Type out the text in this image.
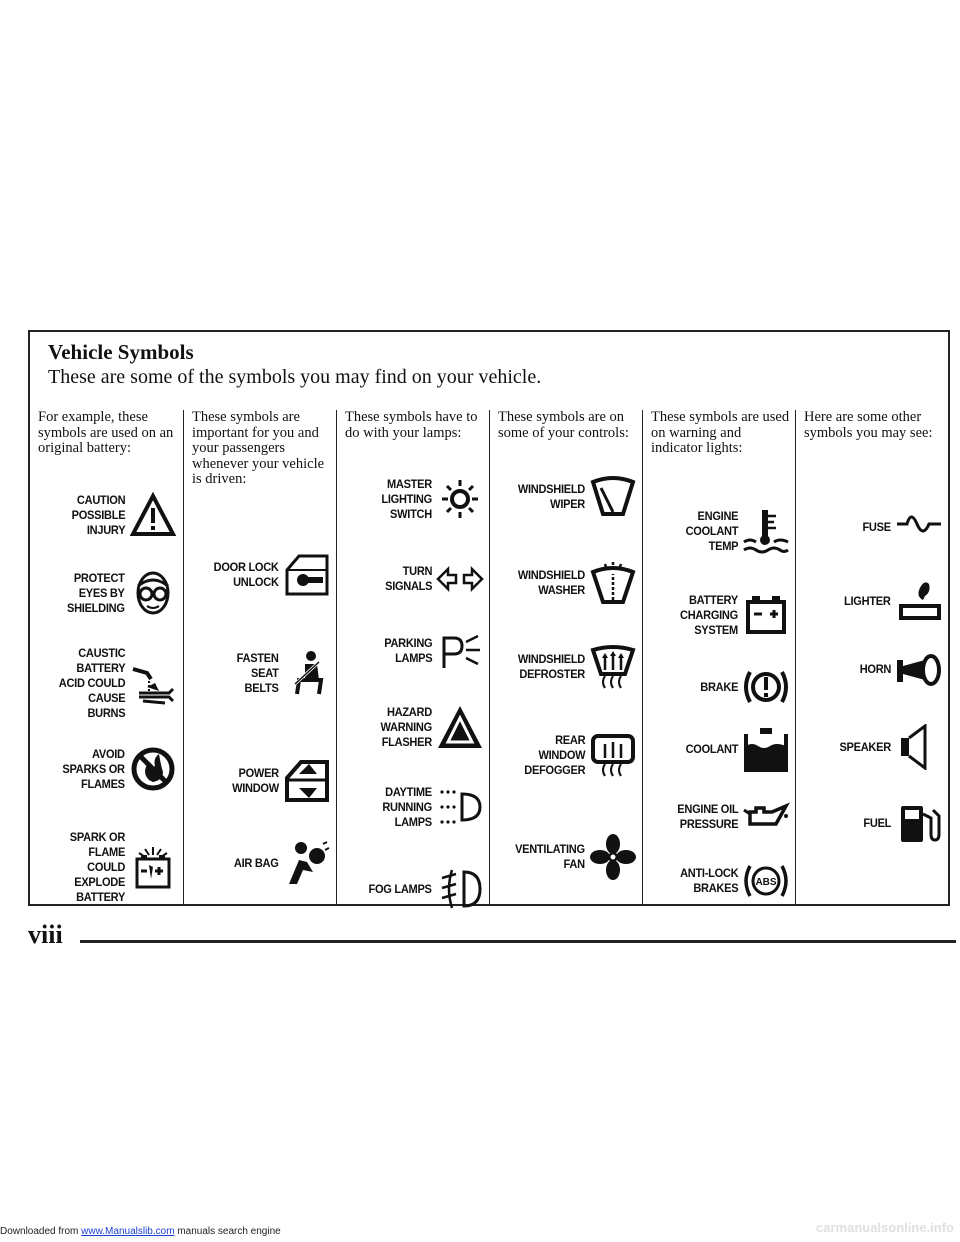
Vehicle Symbols
These are some of the symbols you may find on your vehicle.
For example, these symbols are used on an original battery:
CAUTION
POSSIBLE
INJURY
PROTECT
EYES BY
SHIELDING
CAUSTIC
BATTERY
ACID COULD
CAUSE
BURNS
AVOID
SPARKS OR
FLAMES
SPARK OR
FLAME
COULD
EXPLODE
BATTERY
These symbols are important for you and your passengers whenever your vehicle is driven:
DOOR LOCK
UNLOCK
FASTEN
SEAT
BELTS
POWER
WINDOW
AIR BAG
These symbols have to do with your lamps:
MASTER
LIGHTING
SWITCH
TURN
SIGNALS
PARKING
LAMPS
HAZARD
WARNING
FLASHER
DAYTIME
RUNNING
LAMPS
FOG LAMPS
These symbols are on some of your controls:
WINDSHIELD
WIPER
WINDSHIELD
WASHER
WINDSHIELD
DEFROSTER
REAR
WINDOW
DEFOGGER
VENTILATING
FAN
These symbols are used on warning and indicator lights:
ENGINE
COOLANT
TEMP
BATTERY
CHARGING
SYSTEM
BRAKE
COOLANT
ENGINE OIL
PRESSURE
ANTI-LOCK
BRAKES ABS
Here are some other symbols you may see:
FUSE
LIGHTER
HORN
SPEAKER
FUEL
viii
Downloaded from www.Manualslib.com manuals search engine	carmanualsonline.info
